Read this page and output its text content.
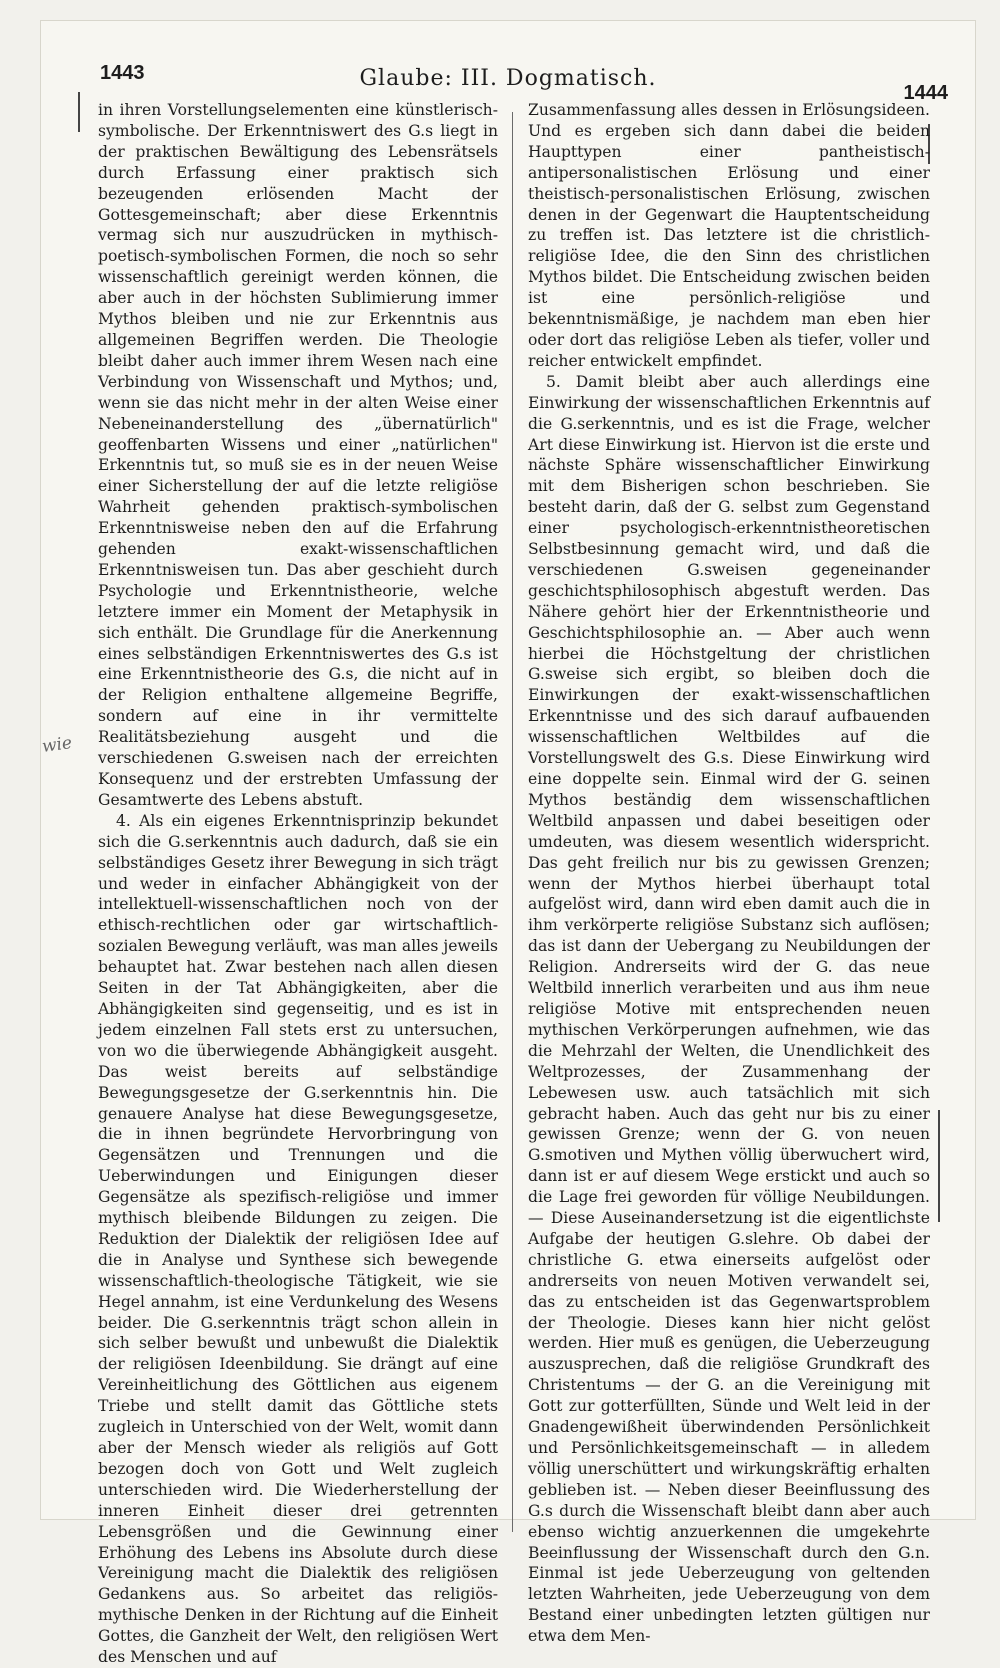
1443	Glaube: III. Dogmatisch.
1444
wie

in ihren Vorstellungselementen eine künstlerisch-symbolische. Der Erkenntniswert des G.s liegt in der praktischen Bewältigung des Lebensrätsels durch Erfassung einer praktisch sich bezeugenden erlösenden Macht der Gottesgemeinschaft; aber diese Erkenntnis vermag sich nur auszudrücken in mythisch-poetisch-symbolischen Formen, die noch so sehr wissenschaftlich gereinigt werden können, die aber auch in der höchsten Sublimierung immer Mythos bleiben und nie zur Erkenntnis aus allgemeinen Begriffen werden. Die Theologie bleibt daher auch immer ihrem Wesen nach eine Verbindung von Wissenschaft und Mythos; und, wenn sie das nicht mehr in der alten Weise einer Nebeneinanderstellung des „übernatürlich" geoffenbarten Wissens und einer „natürlichen" Erkenntnis tut, so muß sie es in der neuen Weise einer Sicherstellung der auf die letzte religiöse Wahrheit gehenden praktisch-symbolischen Erkenntnisweise neben den auf die Erfahrung gehenden exakt-wissenschaftlichen Erkenntnisweisen tun. Das aber geschieht durch Psychologie und Erkenntnistheorie, welche letztere immer ein Moment der Metaphysik in sich enthält. Die Grundlage für die Anerkennung eines selbständigen Erkenntniswertes des G.s ist eine Erkenntnistheorie des G.s, die nicht auf in der Religion enthaltene allgemeine Begriffe, sondern auf eine in ihr vermittelte Realitätsbeziehung ausgeht und die verschiedenen G.sweisen nach der erreichten Konsequenz und der erstrebten Umfassung der Gesamtwerte des Lebens abstuft.

4. Als ein eigenes Erkenntnisprinzip bekundet sich die G.serkenntnis auch dadurch, daß sie ein selbständiges Gesetz ihrer Bewegung in sich trägt und weder in einfacher Abhängigkeit von der intellektuell-wissenschaftlichen noch von der ethisch-rechtlichen oder gar wirtschaftlich-sozialen Bewegung verläuft, was man alles jeweils behauptet hat. Zwar bestehen nach allen diesen Seiten in der Tat Abhängigkeiten, aber die Abhängigkeiten sind gegenseitig, und es ist in jedem einzelnen Fall stets erst zu untersuchen, von wo die überwiegende Abhängigkeit ausgeht. Das weist bereits auf selbständige Bewegungsgesetze der G.serkenntnis hin. Die genauere Analyse hat diese Bewegungsgesetze, die in ihnen begründete Hervorbringung von Gegensätzen und Trennungen und die Ueberwindungen und Einigungen dieser Gegensätze als spezifisch-religiöse und immer mythisch bleibende Bildungen zu zeigen. Die Reduktion der Dialektik der religiösen Idee auf die in Analyse und Synthese sich bewegende wissenschaftlich-theologische Tätigkeit, wie sie Hegel annahm, ist eine Verdunkelung des Wesens beider. Die G.serkenntnis trägt schon allein in sich selber bewußt und unbewußt die Dialektik der religiösen Ideenbildung. Sie drängt auf eine Vereinheitlichung des Göttlichen aus eigenem Triebe und stellt damit das Göttliche stets zugleich in Unterschied von der Welt, womit dann aber der Mensch wieder als religiös auf Gott bezogen doch von Gott und Welt zugleich unterschieden wird. Die Wiederherstellung der inneren Einheit dieser drei getrennten Lebensgrößen und die Gewinnung einer Erhöhung des Lebens ins Absolute durch diese Vereinigung macht die Dialektik des religiösen Gedankens aus. So arbeitet das religiös-mythische Denken in der Richtung auf die Einheit Gottes, die Ganzheit der Welt, den religiösen Wert des Menschen und auf

Zusammenfassung alles dessen in Erlösungsideen. Und es ergeben sich dann dabei die beiden Haupttypen einer pantheistisch-antipersonalistischen Erlösung und einer theistisch-personalistischen Erlösung, zwischen denen in der Gegenwart die Hauptentscheidung zu treffen ist. Das letztere ist die christlich-religiöse Idee, die den Sinn des christlichen Mythos bildet. Die Entscheidung zwischen beiden ist eine persönlich-religiöse und bekenntnismäßige, je nachdem man eben hier oder dort das religiöse Leben als tiefer, voller und reicher entwickelt empfindet.

5. Damit bleibt aber auch allerdings eine Einwirkung der wissenschaftlichen Erkenntnis auf die G.serkenntnis, und es ist die Frage, welcher Art diese Einwirkung ist. Hiervon ist die erste und nächste Sphäre wissenschaftlicher Einwirkung mit dem Bisherigen schon beschrieben. Sie besteht darin, daß der G. selbst zum Gegenstand einer psychologisch-erkenntnistheoretischen Selbstbesinnung gemacht wird, und daß die verschiedenen G.sweisen gegeneinander geschichtsphilosophisch abgestuft werden. Das Nähere gehört hier der Erkenntnistheorie und Geschichtsphilosophie an. — Aber auch wenn hierbei die Höchstgeltung der christlichen G.sweise sich ergibt, so bleiben doch die Einwirkungen der exakt-wissenschaftlichen Erkenntnisse und des sich darauf aufbauenden wissenschaftlichen Weltbildes auf die Vorstellungswelt des G.s. Diese Einwirkung wird eine doppelte sein. Einmal wird der G. seinen Mythos beständig dem wissenschaftlichen Weltbild anpassen und dabei beseitigen oder umdeuten, was diesem wesentlich widerspricht. Das geht freilich nur bis zu gewissen Grenzen; wenn der Mythos hierbei überhaupt total aufgelöst wird, dann wird eben damit auch die in ihm verkörperte religiöse Substanz sich auflösen; das ist dann der Uebergang zu Neubildungen der Religion. Andrerseits wird der G. das neue Weltbild innerlich verarbeiten und aus ihm neue religiöse Motive mit entsprechenden neuen mythischen Verkörperungen aufnehmen, wie das die Mehrzahl der Welten, die Unendlichkeit des Weltprozesses, der Zusammenhang der Lebewesen usw. auch tatsächlich mit sich gebracht haben. Auch das geht nur bis zu einer gewissen Grenze; wenn der G. von neuen G.smotiven und Mythen völlig überwuchert wird, dann ist er auf diesem Wege erstickt und auch so die Lage frei geworden für völlige Neubildungen. — Diese Auseinandersetzung ist die eigentlichste Aufgabe der heutigen G.slehre. Ob dabei der christliche G. etwa einerseits aufgelöst oder andrerseits von neuen Motiven verwandelt sei, das zu entscheiden ist das Gegenwartsproblem der Theologie. Dieses kann hier nicht gelöst werden. Hier muß es genügen, die Ueberzeugung auszusprechen, daß die religiöse Grundkraft des Christentums — der G. an die Vereinigung mit Gott zur gotterfüllten, Sünde und Welt leid in der Gnadengewißheit überwindenden Persönlichkeit und Persönlichkeitsgemeinschaft — in alledem völlig unerschüttert und wirkungskräftig erhalten geblieben ist. — Neben dieser Beeinflussung des G.s durch die Wissenschaft bleibt dann aber auch ebenso wichtig anzuerkennen die umgekehrte Beeinflussung der Wissenschaft durch den G.n. Einmal ist jede Ueberzeugung von geltenden letzten Wahrheiten, jede Ueberzeugung von dem Bestand einer unbedingten letzten gültigen nur etwa dem Men-
